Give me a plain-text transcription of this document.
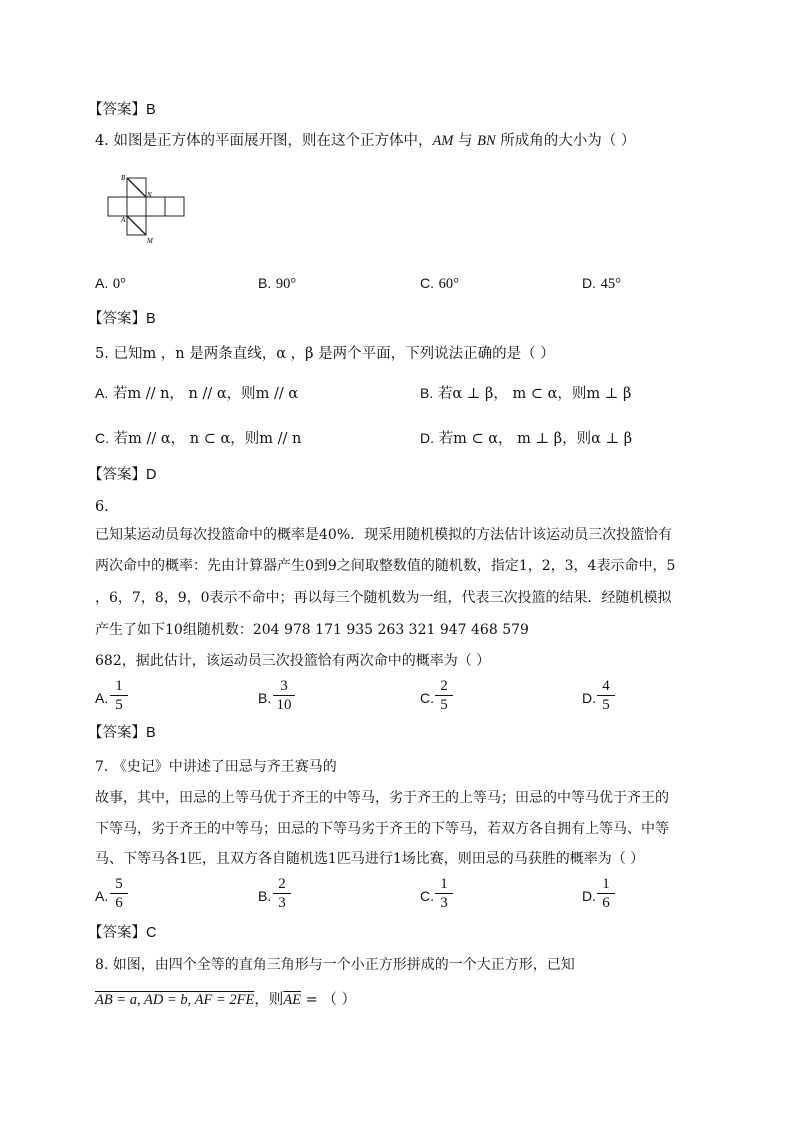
【答案】B
4. 如图是正方体的平面展开图，则在这个正方体中，AM 与 BN 所成角的大小为（ ）
B
N
A
M
A. 0°	B. 90°	C. 60°	D. 45°
【答案】B
5. 已知m ，n 是两条直线，α ，β 是两个平面，下列说法正确的是（ ）
A. 若m // n， n // α，则m // α	B. 若α ⊥ β， m ⊂ α，则m ⊥ β
C. 若m // α， n ⊂ α，则m // n	D. 若m ⊂ α， m ⊥ β，则α ⊥ β
【答案】D
6.
已知某运动员每次投篮命中的概率是40%．现采用随机模拟的方法估计该运动员三次投篮恰有
两次命中的概率：先由计算器产生0到9之间取整数值的随机数，指定1，2，3，4表示命中，5
，6，7，8，9，0表示不命中；再以每三个随机数为一组，代表三次投篮的结果．经随机模拟
产生了如下10组随机数：204 978 171 935 263 321 947 468 579
682，据此估计，该运动员三次投篮恰有两次命中的概率为（ ）
A.
1
5	B.
3
10	C.
2
5	D.
4
5
【答案】B
7. 《史记》中讲述了田忌与齐王赛马的
故事，其中，田忌的上等马优于齐王的中等马，劣于齐王的上等马；田忌的中等马优于齐王的
下等马，劣于齐王的中等马；田忌的下等马劣于齐王的下等马，若双方各自拥有上等马、中等
马、下等马各1匹，且双方各自随机选1匹马进行1场比赛，则田忌的马获胜的概率为（ ）
A.
5
6	B.
2
3	C.
1
3	D.
1
6
【答案】C
8. 如图，由四个全等的直角三角形与一个小正方形拼成的一个大正方形，已知
AB = a, AD = b, AF = 2FE，则$\overline{AE}$ = （ ）
